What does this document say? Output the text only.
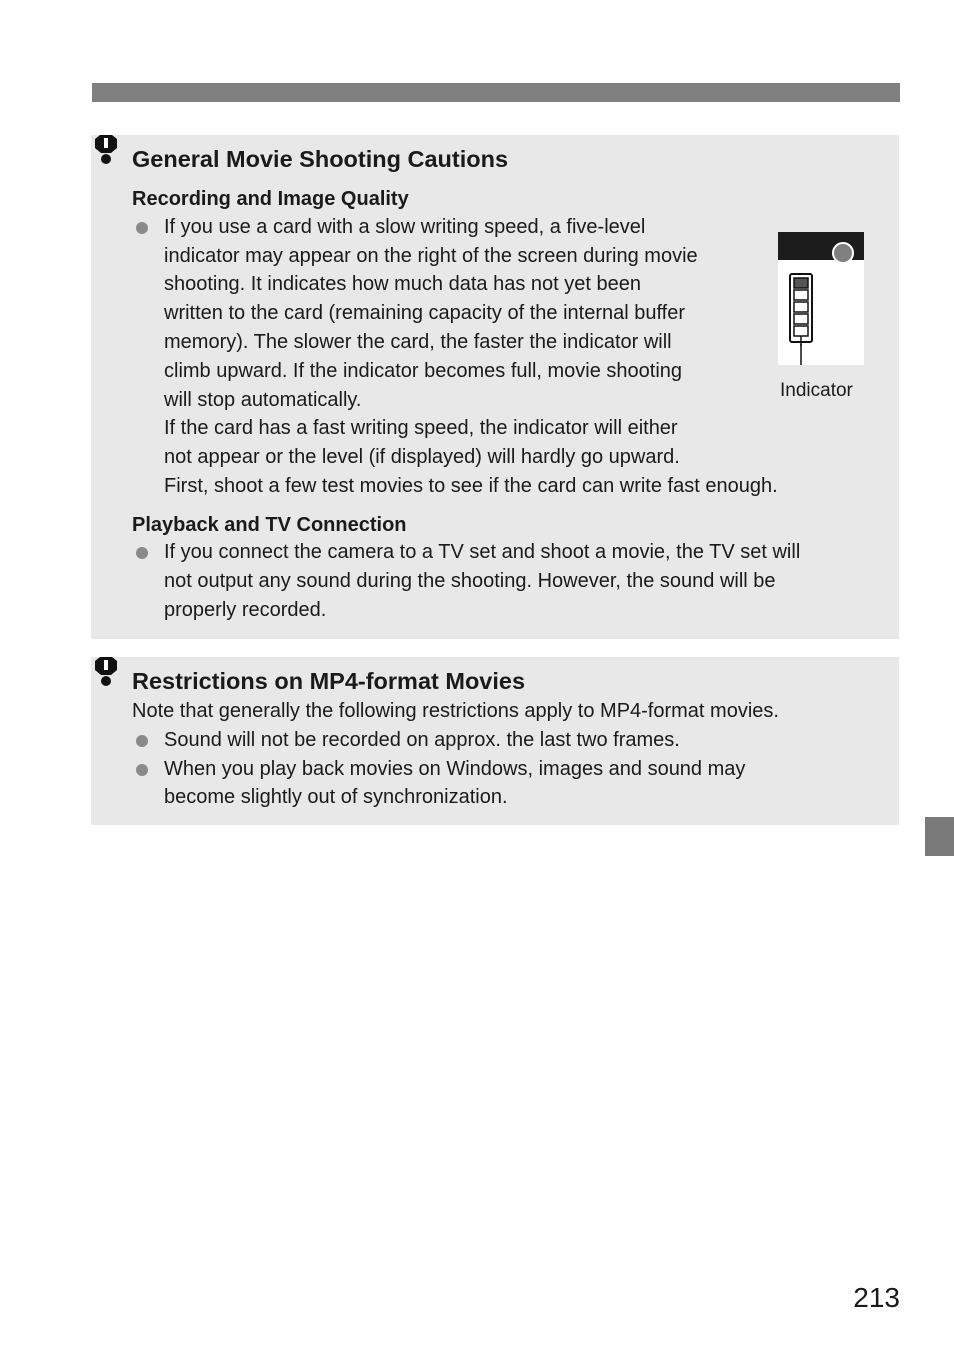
General Movie Shooting Cautions
Recording and Image Quality
If you use a card with a slow writing speed, a five-level
indicator may appear on the right of the screen during movie
shooting. It indicates how much data has not yet been
written to the card (remaining capacity of the internal buffer
memory). The slower the card, the faster the indicator will
climb upward. If the indicator becomes full, movie shooting
will stop automatically.
If the card has a fast writing speed, the indicator will either
not appear or the level (if displayed) will hardly go upward.
First, shoot a few test movies to see if the card can write fast enough.
Indicator
Playback and TV Connection
If you connect the camera to a TV set and shoot a movie, the TV set will
not output any sound during the shooting. However, the sound will be
properly recorded.
Restrictions on MP4-format Movies
Note that generally the following restrictions apply to MP4-format movies.
Sound will not be recorded on approx. the last two frames.
When you play back movies on Windows, images and sound may
become slightly out of synchronization.
213
